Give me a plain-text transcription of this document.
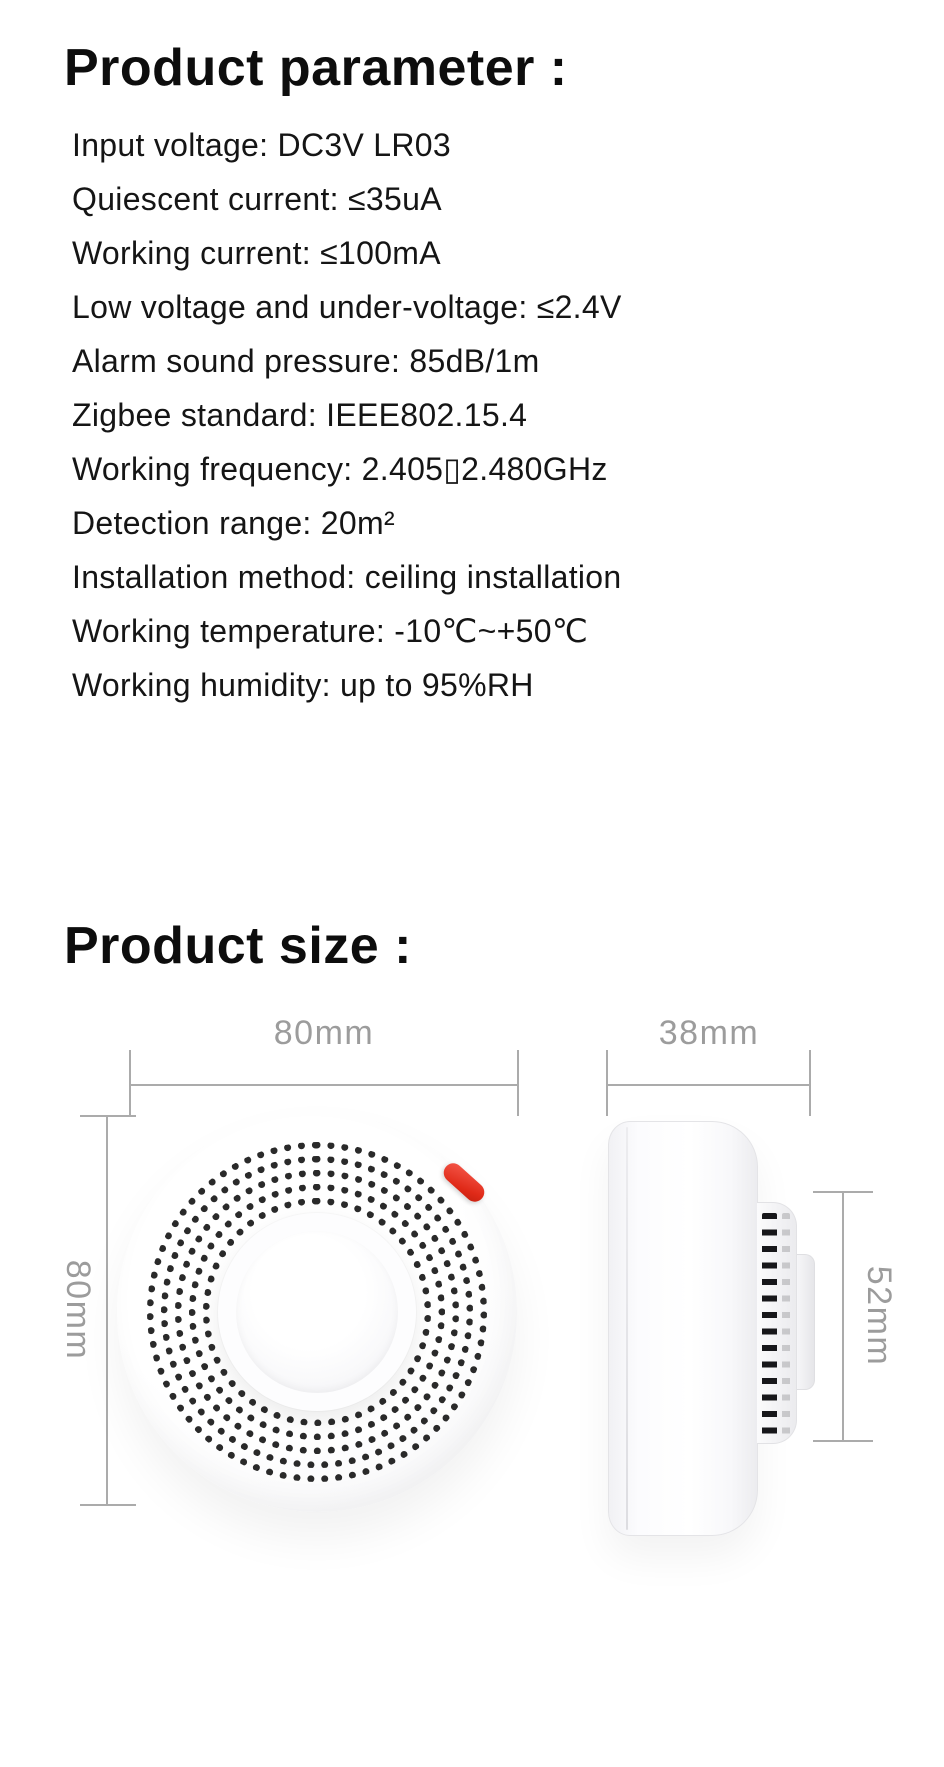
Product parameter :
Input voltage: DC3V LR03
Quiescent current: ≤35uA
Working current: ≤100mA
Low voltage and under-voltage: ≤2.4V
Alarm sound pressure: 85dB/1m
Zigbee standard: IEEE802.15.4
Working frequency: 2.405▯2.480GHz
Detection range: 20m²
Installation method: ceiling installation
Working temperature: -10℃~+50℃
Working humidity: up to 95%RH
Product size :
80mm
80mm
38mm
52mm
